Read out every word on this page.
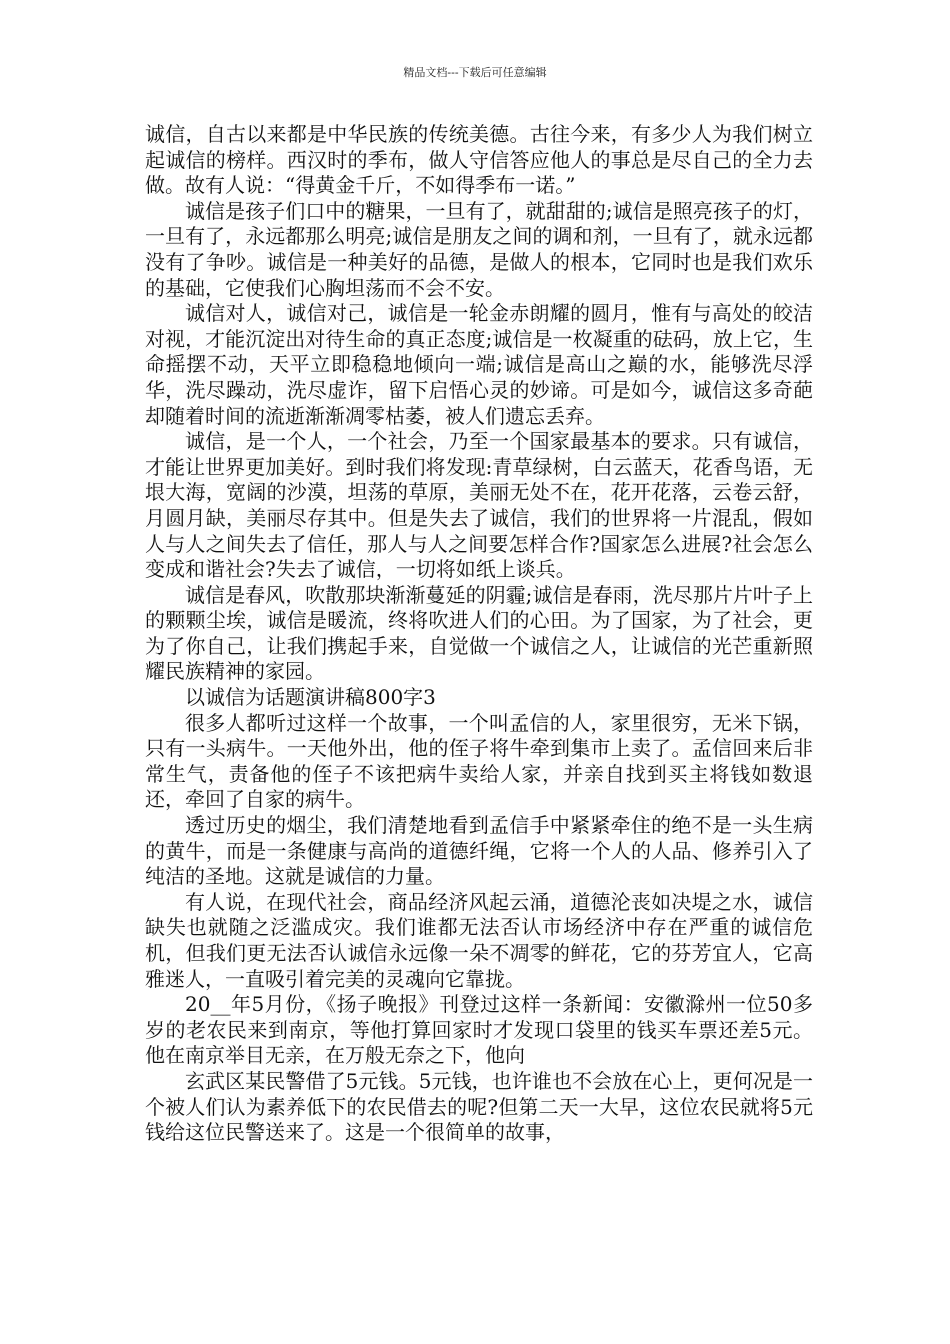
精品文档---下载后可任意编辑

诚信，自古以来都是中华民族的传统美德。古往今来，有多少人为我们树立起诚信的榜样。西汉时的季布，做人守信答应他人的事总是尽自己的全力去做。故有人说：“得黄金千斤，不如得季布一诺。”

诚信是孩子们口中的糖果，一旦有了，就甜甜的;诚信是照亮孩子的灯，一旦有了，永远都那么明亮;诚信是朋友之间的调和剂，一旦有了，就永远都没有了争吵。诚信是一种美好的品德，是做人的根本，它同时也是我们欢乐的基础，它使我们心胸坦荡而不会不安。

诚信对人，诚信对己，诚信是一轮金赤朗耀的圆月，惟有与高处的皎洁对视，才能沉淀出对待生命的真正态度;诚信是一枚凝重的砝码，放上它，生命摇摆不动，天平立即稳稳地倾向一端;诚信是高山之巅的水，能够洗尽浮华，洗尽躁动，洗尽虚诈，留下启悟心灵的妙谛。可是如今，诚信这多奇葩却随着时间的流逝渐渐凋零枯萎，被人们遗忘丢弃。

诚信，是一个人，一个社会，乃至一个国家最基本的要求。只有诚信，才能让世界更加美好。到时我们将发现:青草绿树，白云蓝天，花香鸟语，无垠大海，宽阔的沙漠，坦荡的草原，美丽无处不在，花开花落，云卷云舒，月圆月缺，美丽尽存其中。但是失去了诚信，我们的世界将一片混乱，假如人与人之间失去了信任，那人与人之间要怎样合作?国家怎么进展?社会怎么变成和谐社会?失去了诚信，一切将如纸上谈兵。

诚信是春风，吹散那块渐渐蔓延的阴霾;诚信是春雨，洗尽那片片叶子上的颗颗尘埃，诚信是暖流，终将吹进人们的心田。为了国家，为了社会，更为了你自己，让我们携起手来，自觉做一个诚信之人，让诚信的光芒重新照耀民族精神的家园。

以诚信为话题演讲稿800字3

很多人都听过这样一个故事，一个叫孟信的人，家里很穷，无米下锅，只有一头病牛。一天他外出，他的侄子将牛牵到集市上卖了。孟信回来后非常生气，责备他的侄子不该把病牛卖给人家，并亲自找到买主将钱如数退还，牵回了自家的病牛。

透过历史的烟尘，我们清楚地看到孟信手中紧紧牵住的绝不是一头生病的黄牛，而是一条健康与高尚的道德纤绳，它将一个人的人品、修养引入了纯洁的圣地。这就是诚信的力量。

有人说，在现代社会，商品经济风起云涌，道德沦丧如决堤之水，诚信缺失也就随之泛滥成灾。我们谁都无法否认市场经济中存在严重的诚信危机，但我们更无法否认诚信永远像一朵不凋零的鲜花，它的芬芳宜人，它高雅迷人，一直吸引着完美的灵魂向它靠拢。

20__年5月份，《扬子晚报》刊登过这样一条新闻：安徽滁州一位50多岁的老农民来到南京，等他打算回家时才发现口袋里的钱买车票还差5元。他在南京举目无亲，在万般无奈之下，他向

玄武区某民警借了5元钱。5元钱，也许谁也不会放在心上，更何况是一个被人们认为素养低下的农民借去的呢?但第二天一大早，这位农民就将5元钱给这位民警送来了。这是一个很简单的故事，
